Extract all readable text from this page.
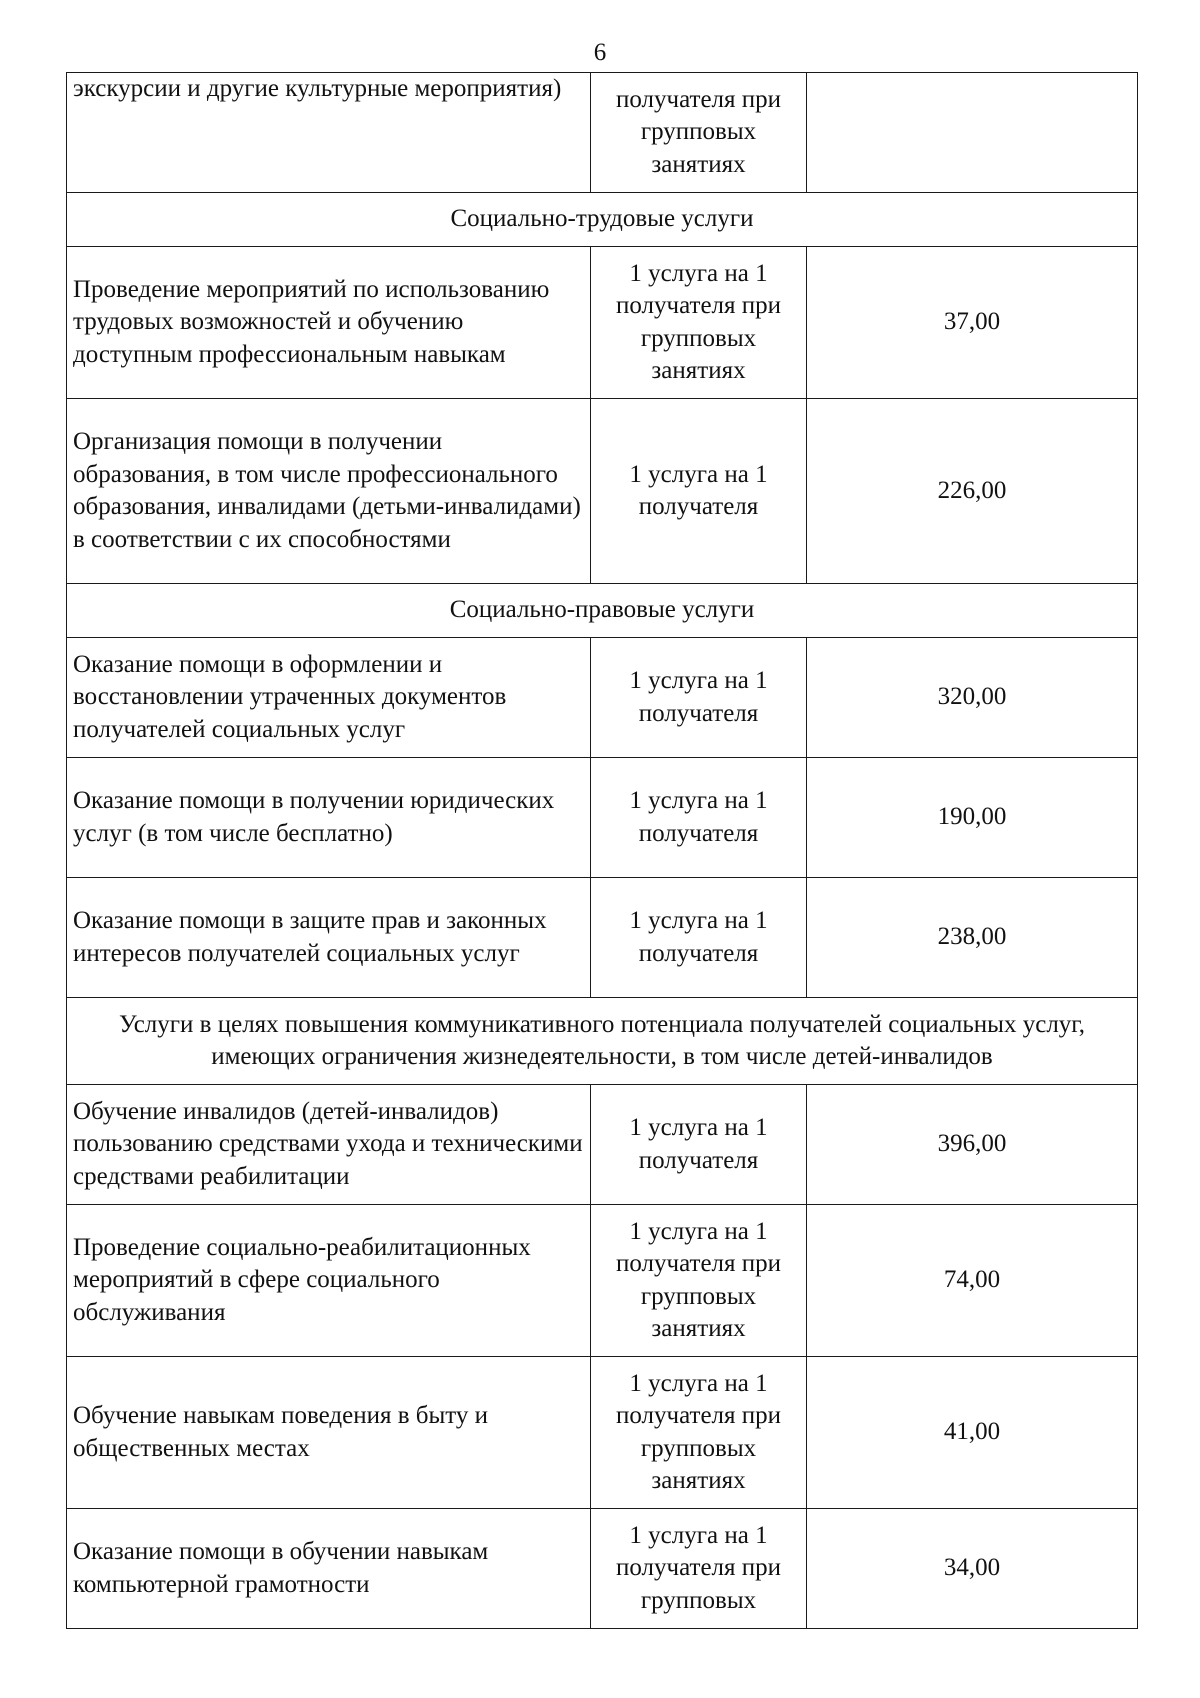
6
экскурсии и другие культурные мероприятия)	получателя при групповых занятиях	
Социально-трудовые услуги		
Проведение мероприятий по использованию трудовых возможностей и обучению доступным профессиональным навыкам	1 услуга на 1 получателя при групповых занятиях	37,00
Организация помощи в получении образования, в том числе профессионального образования, инвалидами (детьми-инвалидами) в соответствии с их способностями	1 услуга на 1 получателя	226,00
Социально-правовые услуги		
Оказание помощи в оформлении и восстановлении утраченных документов получателей социальных услуг	1 услуга на 1 получателя	320,00
Оказание помощи в получении юридических услуг (в том числе бесплатно)	1 услуга на 1 получателя	190,00
Оказание помощи в защите прав и законных интересов получателей социальных услуг	1 услуга на 1 получателя	238,00
Услуги в целях повышения коммуникативного потенциала получателей социальных услуг, имеющих ограничения жизнедеятельности, в том числе детей-инвалидов		
Обучение инвалидов (детей-инвалидов) пользованию средствами ухода и техническими средствами реабилитации	1 услуга на 1 получателя	396,00
Проведение социально-реабилитационных мероприятий в сфере социального обслуживания	1 услуга на 1 получателя при групповых занятиях	74,00
Обучение навыкам поведения в быту и общественных местах	1 услуга на 1 получателя при групповых занятиях	41,00
Оказание помощи в обучении навыкам компьютерной грамотности	1 услуга на 1 получателя при групповых	34,00
